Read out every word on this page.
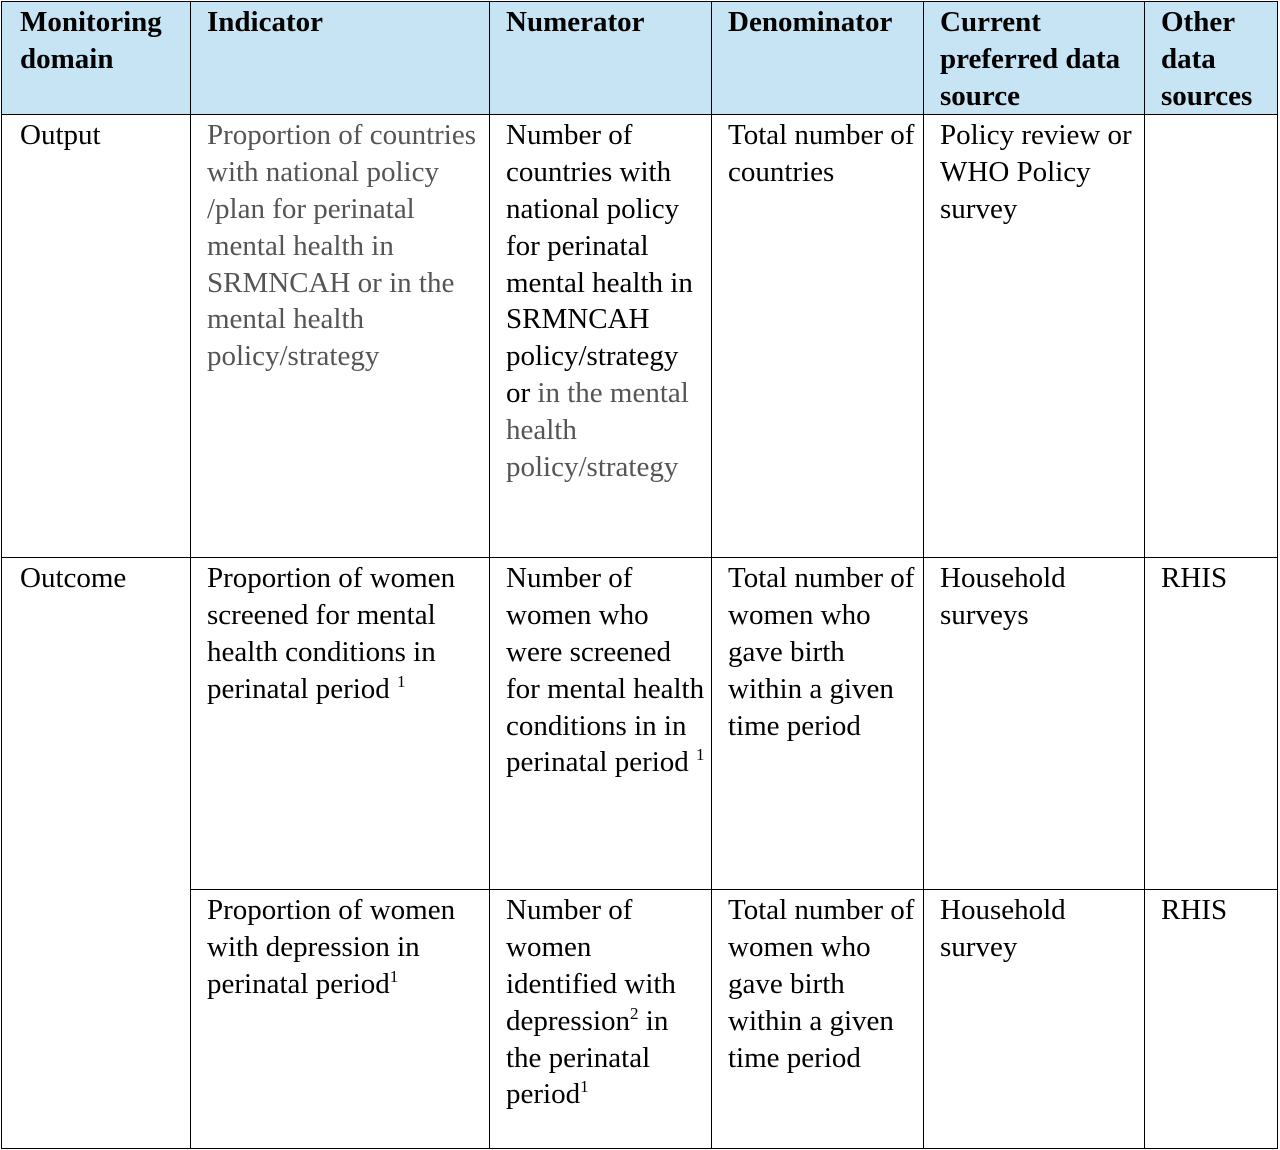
Monitoring domain	Indicator	Numerator	Denominator	Current preferred data source	Other data sources
Output	Proportion of countries with national policy /plan for perinatal mental health in SRMNCAH or in the mental health policy/strategy	Number of countries with national policy for perinatal mental health in SRMNCAH policy/strategy or in the mental health policy/strategy	Total number of countries	Policy review or WHO Policy survey	
Outcome	Proportion of women screened for mental health conditions in perinatal period $^1$	Number of women who were screened for mental health conditions in in perinatal period $^1$	Total number of women who gave birth within a given time period	Household surveys	RHIS
	Proportion of women with depression in perinatal period$^1$	Number of women identified with depression$^2$ in the perinatal period$^1$	Total number of women who gave birth within a given time period	Household survey	RHIS
